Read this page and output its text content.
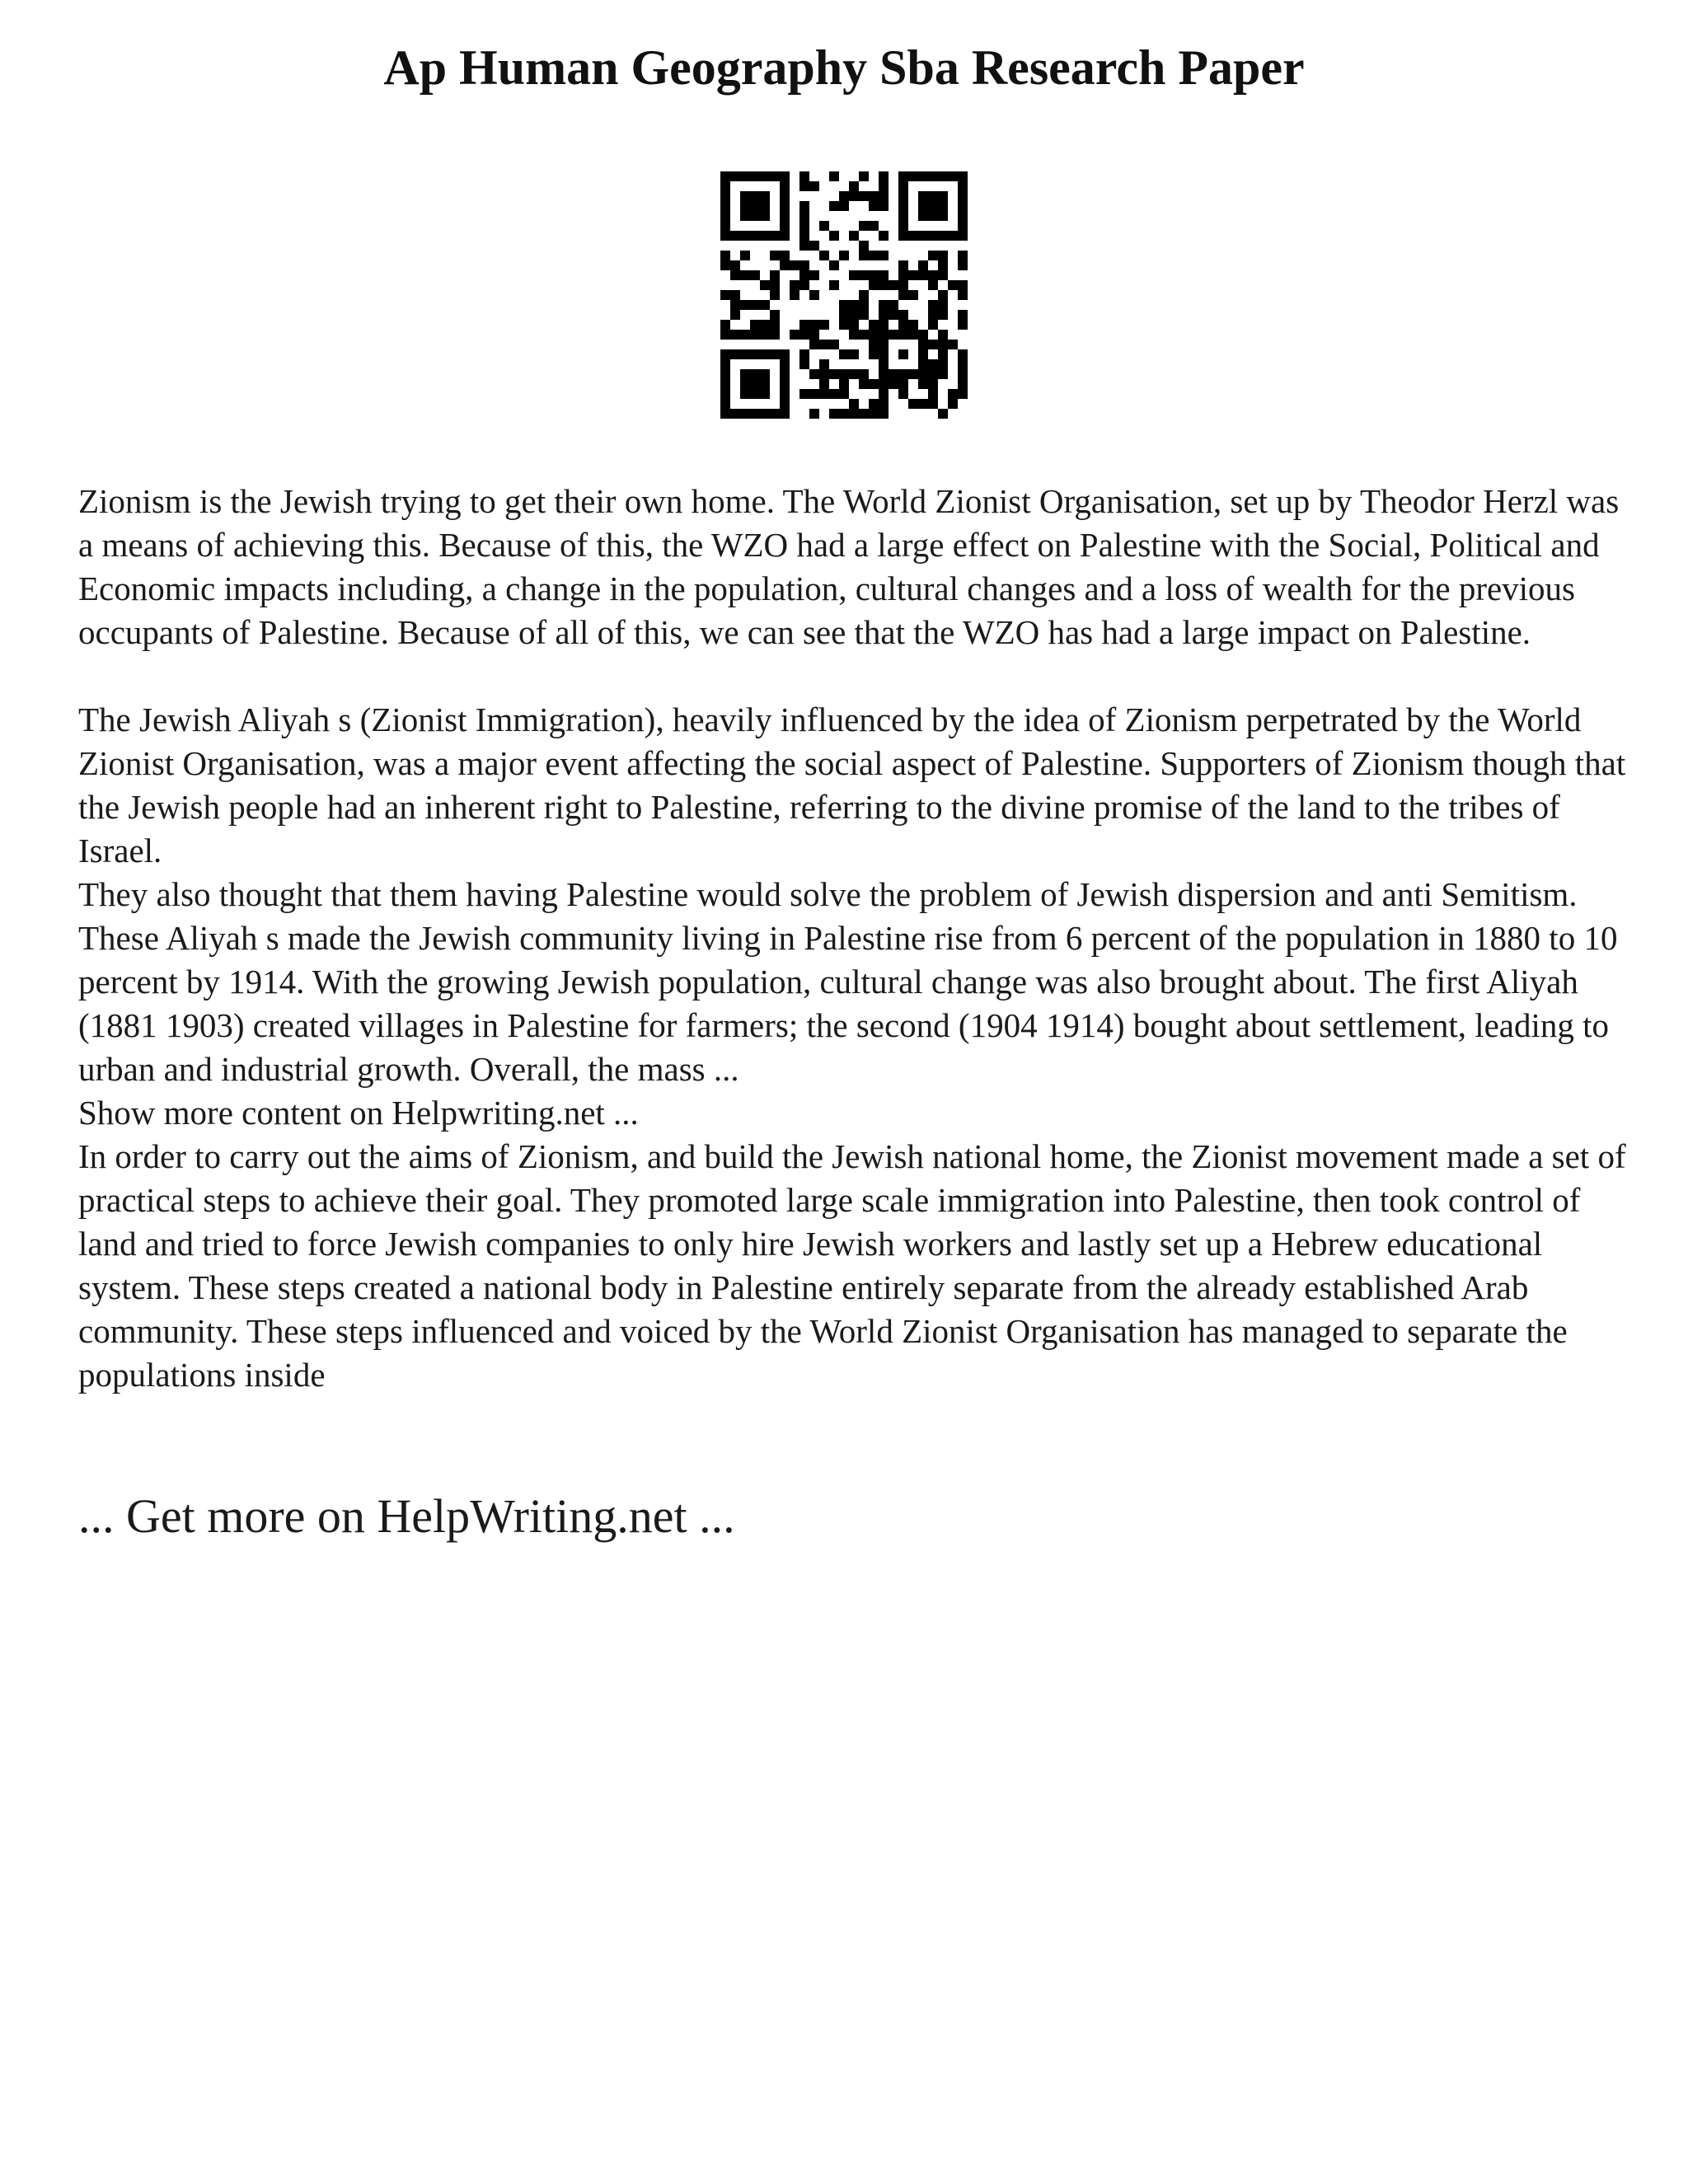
Ap Human Geography Sba Research Paper

Zionism is the Jewish trying to get their own home. The World Zionist Organisation, set up by Theodor Herzl was a means of achieving this. Because of this, the WZO had a large effect on Palestine with the Social, Political and Economic impacts including, a change in the population, cultural changes and a loss of wealth for the previous occupants of Palestine. Because of all of this, we can see that the WZO has had a large impact on Palestine.

The Jewish Aliyah s (Zionist Immigration), heavily influenced by the idea of Zionism perpetrated by the World Zionist Organisation, was a major event affecting the social aspect of Palestine. Supporters of Zionism though that the Jewish people had an inherent right to Palestine, referring to the divine promise of the land to the tribes of Israel.

They also thought that them having Palestine would solve the problem of Jewish dispersion and anti Semitism. These Aliyah s made the Jewish community living in Palestine rise from 6 percent of the population in 1880 to 10 percent by 1914. With the growing Jewish population, cultural change was also brought about. The first Aliyah (1881 1903) created villages in Palestine for farmers; the second (1904 1914) bought about settlement, leading to urban and industrial growth. Overall, the mass ...

Show more content on Helpwriting.net ...

In order to carry out the aims of Zionism, and build the Jewish national home, the Zionist movement made a set of practical steps to achieve their goal. They promoted large scale immigration into Palestine, then took control of land and tried to force Jewish companies to only hire Jewish workers and lastly set up a Hebrew educational system. These steps created a national body in Palestine entirely separate from the already established Arab community. These steps influenced and voiced by the World Zionist Organisation has managed to separate the populations inside

... Get more on HelpWriting.net ...
